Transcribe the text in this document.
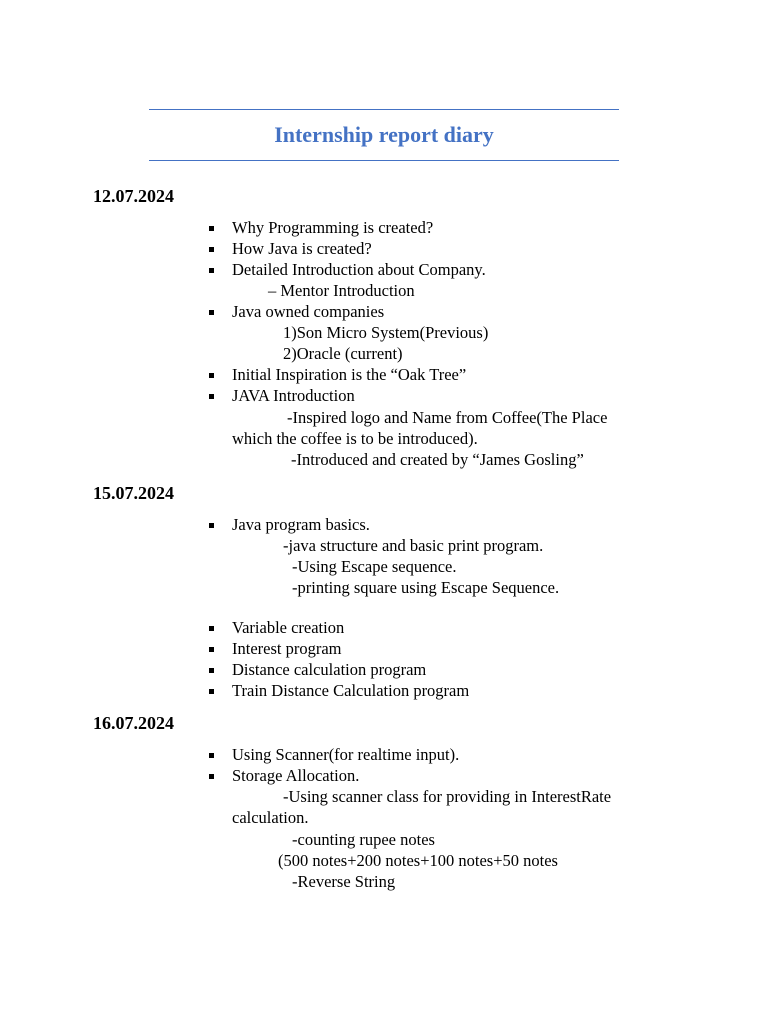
Internship report diary
12.07.2024
Why Programming is created?
How Java is created?
Detailed Introduction about Company.
– Mentor Introduction
Java owned companies
1)Son Micro System(Previous)
2)Oracle (current)
Initial Inspiration is the “Oak Tree”
JAVA Introduction
-Inspired logo and Name from Coffee(The Place
which the coffee is to be introduced).
-Introduced and created by “James Gosling”
15.07.2024
Java program basics.
-java structure and basic print program.
-Using Escape sequence.
-printing square using Escape Sequence.
Variable creation
Interest program
Distance calculation program
Train Distance Calculation program
16.07.2024
Using Scanner(for realtime input).
Storage Allocation.
-Using scanner class for providing in InterestRate
calculation.
-counting rupee notes
(500 notes+200 notes+100 notes+50 notes
-Reverse String
